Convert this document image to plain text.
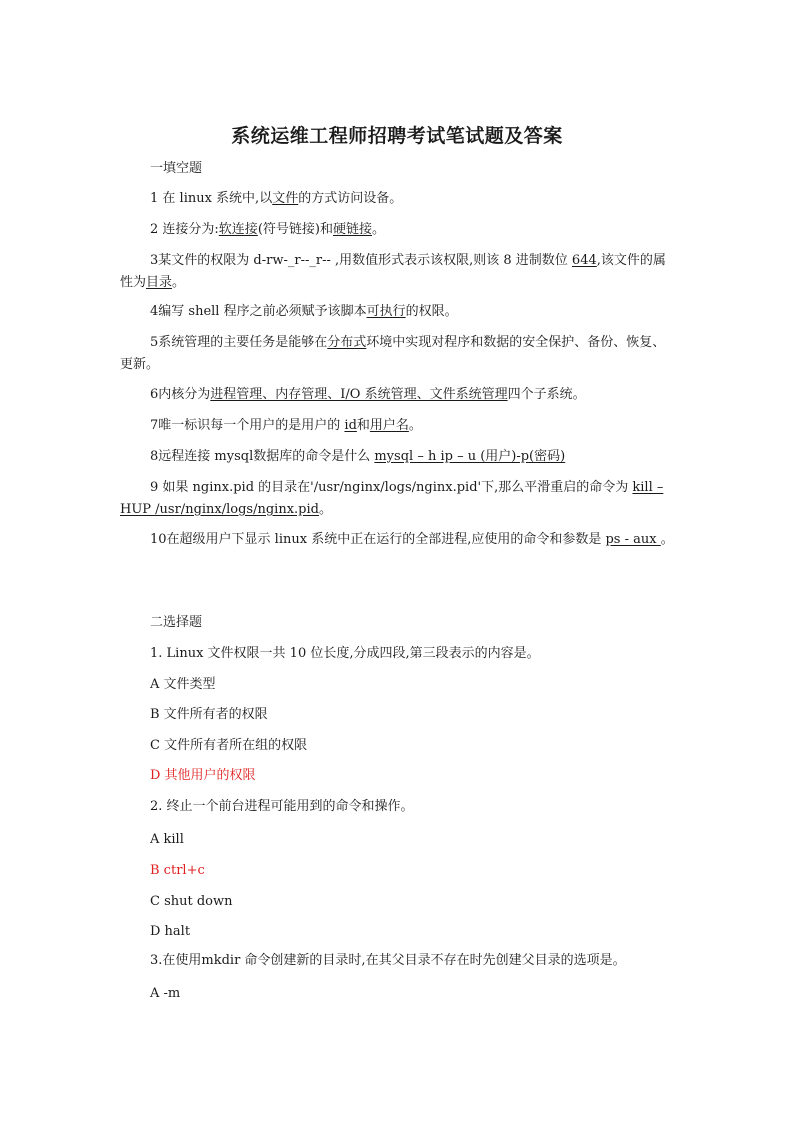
系统运维工程师招聘考试笔试题及答案
一填空题
1 在 linux 系统中,以文件的方式访问设备。
2 连接分为:软连接(符号链接)和硬链接。
3某文件的权限为 d-rw-_r--_r-- ,用数值形式表示该权限,则该 8 进制数位 644,该文件的属性为目录。
4编写 shell 程序之前必须赋予该脚本可执行的权限。
5系统管理的主要任务是能够在分布式环境中实现对程序和数据的安全保护、备份、恢复、更新。
6内核分为进程管理、内存管理、I/O 系统管理、文件系统管理四个子系统。
7唯一标识每一个用户的是用户的 id和用户名。
8远程连接 mysql数据库的命令是什么 mysql – h ip – u (用户)-p(密码)
9 如果 nginx.pid 的目录在'/usr/nginx/logs/nginx.pid'下,那么平滑重启的命令为 kill – HUP /usr/nginx/logs/nginx.pid。
10在超级用户下显示 linux 系统中正在运行的全部进程,应使用的命令和参数是 ps - aux 。
二选择题
1. Linux 文件权限一共 10 位长度,分成四段,第三段表示的内容是。
A 文件类型
B 文件所有者的权限
C 文件所有者所在组的权限
D 其他用户的权限
2. 终止一个前台进程可能用到的命令和操作。
A kill
B ctrl+c
C shut down
D halt
3.在使用mkdir 命令创建新的目录时,在其父目录不存在时先创建父目录的选项是。
A -m
